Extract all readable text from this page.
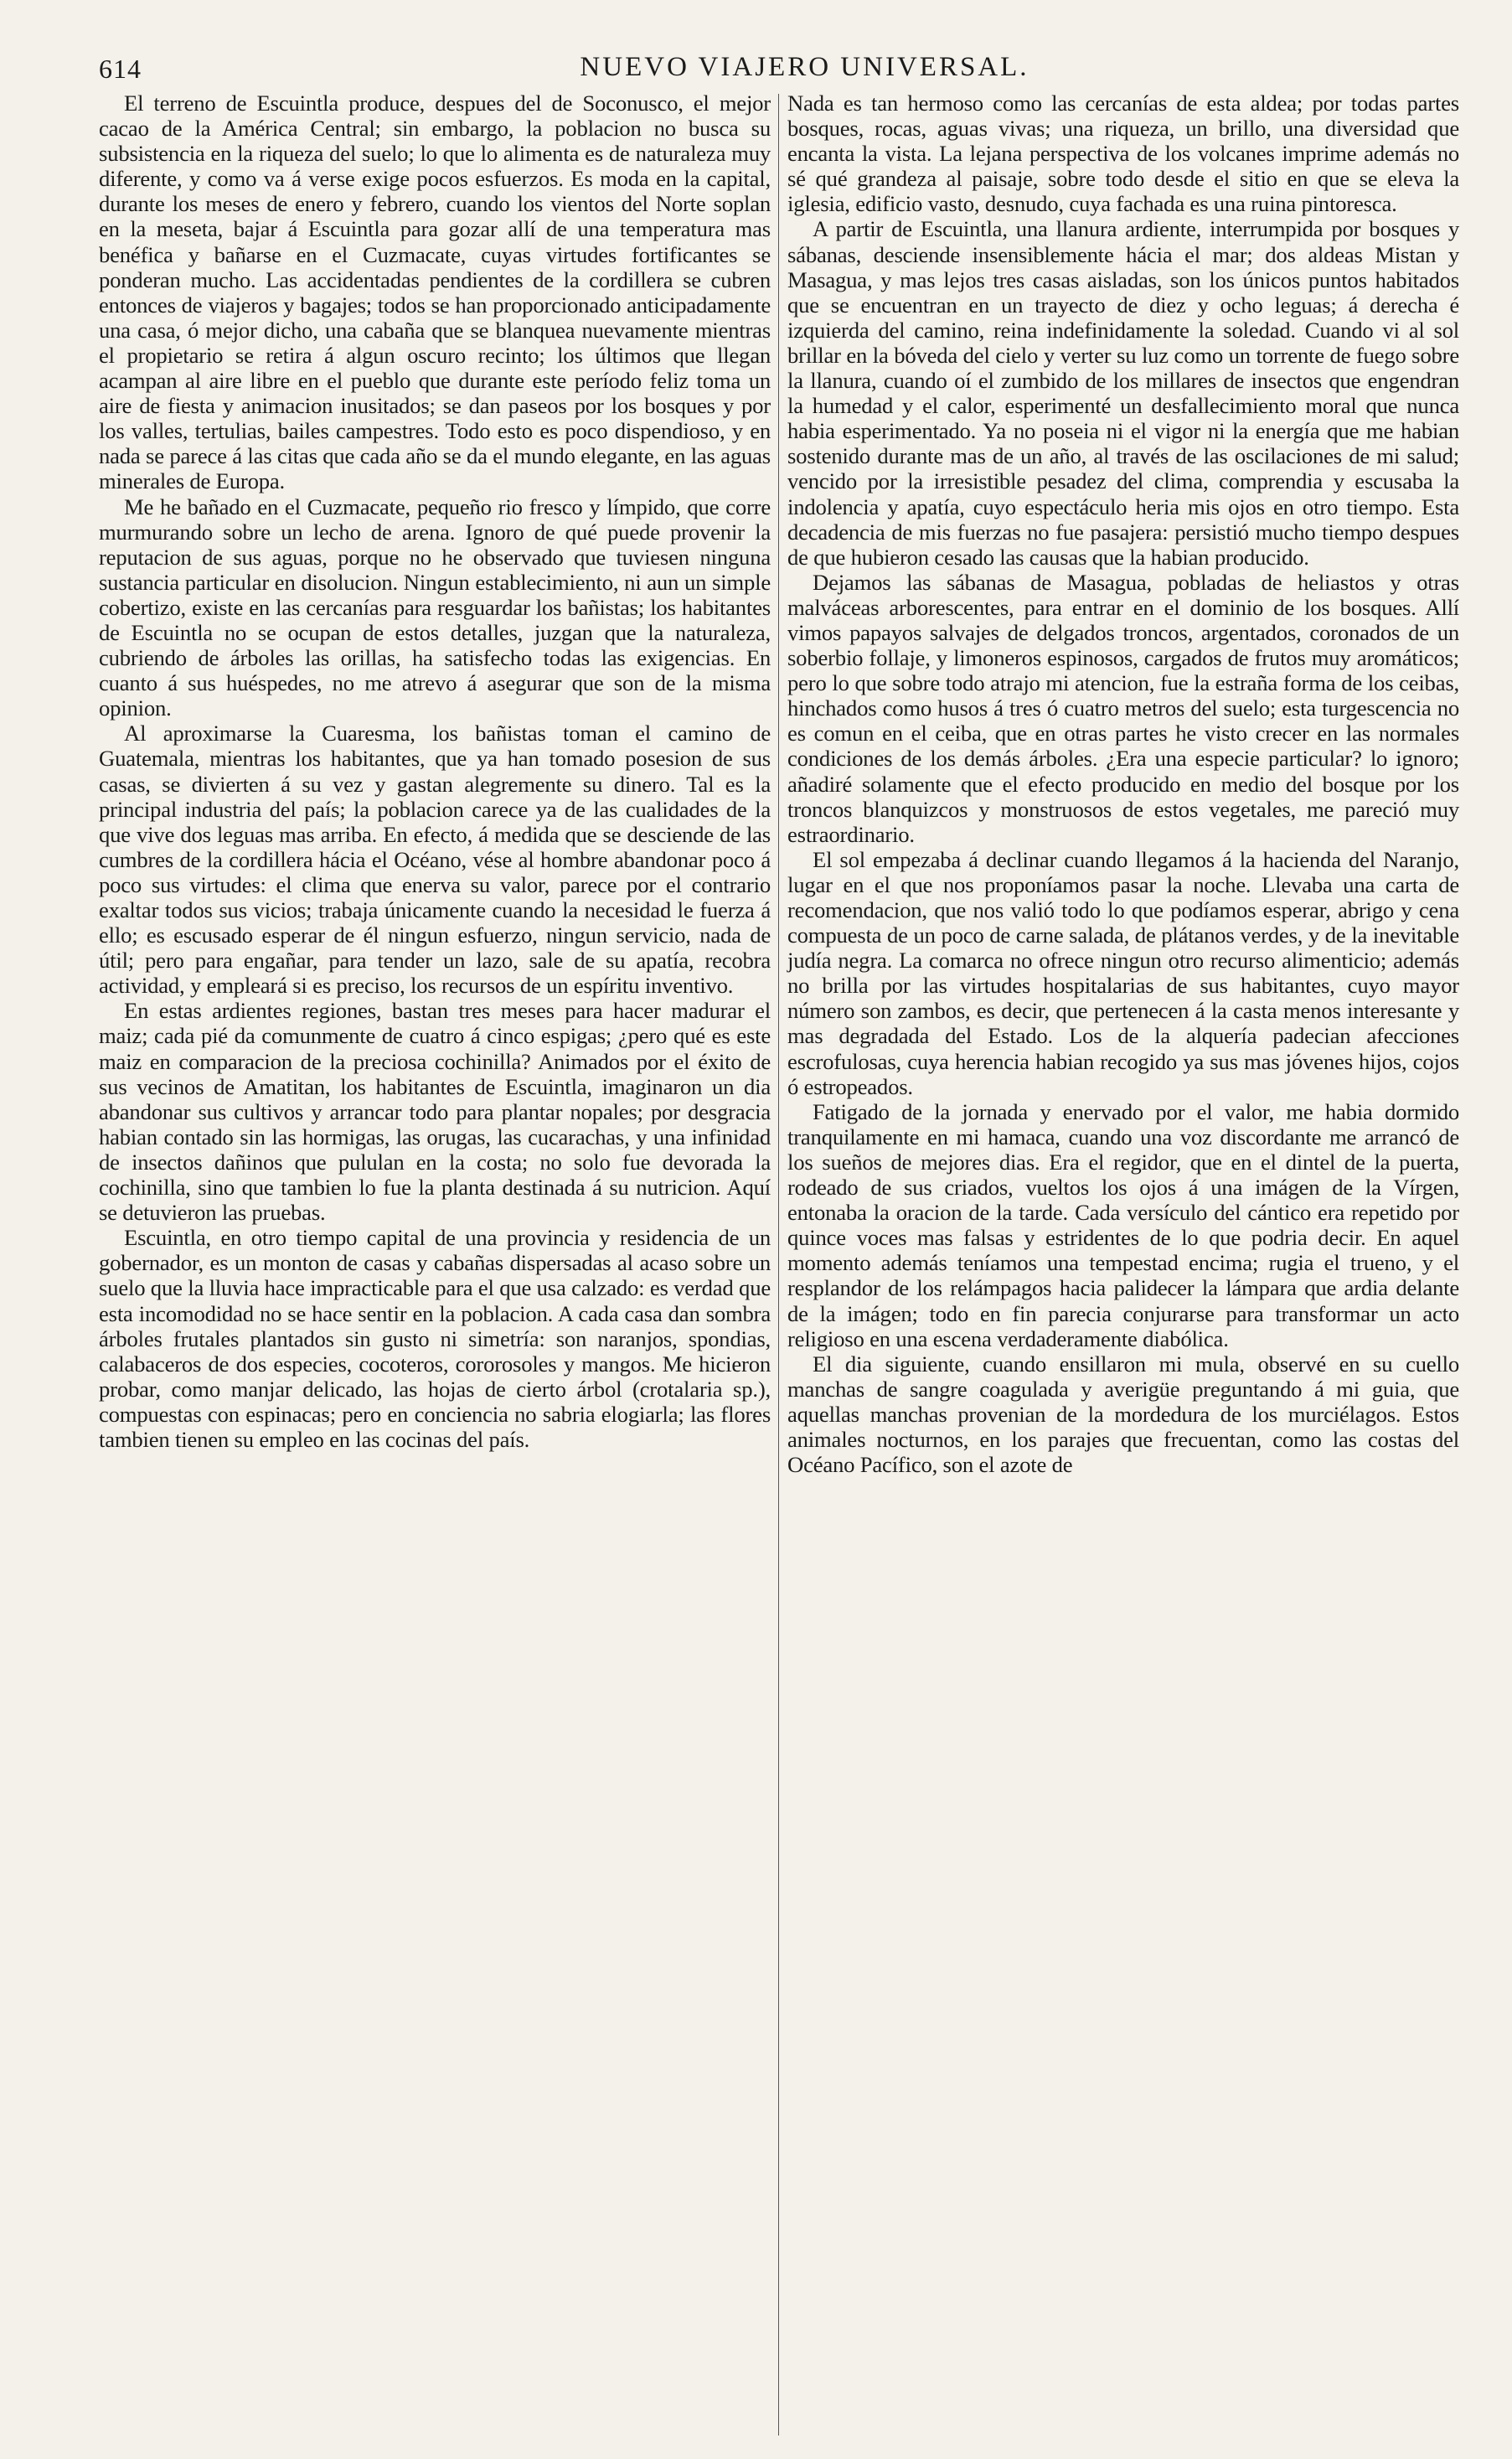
614	NUEVO VIAJERO UNIVERSAL.

El terreno de Escuintla produce, despues del de Soconusco, el mejor cacao de la América Central; sin embargo, la poblacion no busca su subsistencia en la riqueza del suelo; lo que lo alimenta es de naturaleza muy diferente, y como va á verse exige pocos esfuerzos. Es moda en la capital, durante los meses de enero y febrero, cuando los vientos del Norte soplan en la meseta, bajar á Escuintla para gozar allí de una temperatura mas benéfica y bañarse en el Cuzmacate, cuyas virtudes fortificantes se ponderan mucho. Las accidentadas pendientes de la cordillera se cubren entonces de viajeros y bagajes; todos se han proporcionado anticipadamente una casa, ó mejor dicho, una cabaña que se blanquea nuevamente mientras el propietario se retira á algun oscuro recinto; los últimos que llegan acampan al aire libre en el pueblo que durante este período feliz toma un aire de fiesta y animacion inusitados; se dan paseos por los bosques y por los valles, tertulias, bailes campestres. Todo esto es poco dispendioso, y en nada se parece á las citas que cada año se da el mundo elegante, en las aguas minerales de Europa.

Me he bañado en el Cuzmacate, pequeño rio fresco y límpido, que corre murmurando sobre un lecho de arena. Ignoro de qué puede provenir la reputacion de sus aguas, porque no he observado que tuviesen ninguna sustancia particular en disolucion. Ningun establecimiento, ni aun un simple cobertizo, existe en las cercanías para resguardar los bañistas; los habitantes de Escuintla no se ocupan de estos detalles, juzgan que la naturaleza, cubriendo de árboles las orillas, ha satisfecho todas las exigencias. En cuanto á sus huéspedes, no me atrevo á asegurar que son de la misma opinion.

Al aproximarse la Cuaresma, los bañistas toman el camino de Guatemala, mientras los habitantes, que ya han tomado posesion de sus casas, se divierten á su vez y gastan alegremente su dinero. Tal es la principal industria del país; la poblacion carece ya de las cualidades de la que vive dos leguas mas arriba. En efecto, á medida que se desciende de las cumbres de la cordillera hácia el Océano, vése al hombre abandonar poco á poco sus virtudes: el clima que enerva su valor, parece por el contrario exaltar todos sus vicios; trabaja únicamente cuando la necesidad le fuerza á ello; es escusado esperar de él ningun esfuerzo, ningun servicio, nada de útil; pero para engañar, para tender un lazo, sale de su apatía, recobra actividad, y empleará si es preciso, los recursos de un espíritu inventivo.

En estas ardientes regiones, bastan tres meses para hacer madurar el maiz; cada pié da comunmente de cuatro á cinco espigas; ¿pero qué es este maiz en comparacion de la preciosa cochinilla? Animados por el éxito de sus vecinos de Amatitan, los habitantes de Escuintla, imaginaron un dia abandonar sus cultivos y arrancar todo para plantar nopales; por desgracia habian contado sin las hormigas, las orugas, las cucarachas, y una infinidad de insectos dañinos que pululan en la costa; no solo fue devorada la cochinilla, sino que tambien lo fue la planta destinada á su nutricion. Aquí se detuvieron las pruebas.

Escuintla, en otro tiempo capital de una provincia y residencia de un gobernador, es un monton de casas y cabañas dispersadas al acaso sobre un suelo que la lluvia hace impracticable para el que usa calzado: es verdad que esta incomodidad no se hace sentir en la poblacion. A cada casa dan sombra árboles frutales plantados sin gusto ni simetría: son naranjos, spondias, calabaceros de dos especies, cocoteros, cororosoles y mangos. Me hicieron probar, como manjar delicado, las hojas de cierto árbol (crotalaria sp.), compuestas con espinacas; pero en conciencia no sabria elogiarla; las flores tambien tienen su empleo en las cocinas del país.

Nada es tan hermoso como las cercanías de esta aldea; por todas partes bosques, rocas, aguas vivas; una riqueza, un brillo, una diversidad que encanta la vista. La lejana perspectiva de los volcanes imprime además no sé qué grandeza al paisaje, sobre todo desde el sitio en que se eleva la iglesia, edificio vasto, desnudo, cuya fachada es una ruina pintoresca.

A partir de Escuintla, una llanura ardiente, interrumpida por bosques y sábanas, desciende insensiblemente hácia el mar; dos aldeas Mistan y Masagua, y mas lejos tres casas aisladas, son los únicos puntos habitados que se encuentran en un trayecto de diez y ocho leguas; á derecha é izquierda del camino, reina indefinidamente la soledad. Cuando vi al sol brillar en la bóveda del cielo y verter su luz como un torrente de fuego sobre la llanura, cuando oí el zumbido de los millares de insectos que engendran la humedad y el calor, esperimenté un desfallecimiento moral que nunca habia esperimentado. Ya no poseia ni el vigor ni la energía que me habian sostenido durante mas de un año, al través de las oscilaciones de mi salud; vencido por la irresistible pesadez del clima, comprendia y escusaba la indolencia y apatía, cuyo espectáculo heria mis ojos en otro tiempo. Esta decadencia de mis fuerzas no fue pasajera: persistió mucho tiempo despues de que hubieron cesado las causas que la habian producido.

Dejamos las sábanas de Masagua, pobladas de heliastos y otras malváceas arborescentes, para entrar en el dominio de los bosques. Allí vimos papayos salvajes de delgados troncos, argentados, coronados de un soberbio follaje, y limoneros espinosos, cargados de frutos muy aromáticos; pero lo que sobre todo atrajo mi atencion, fue la estraña forma de los ceibas, hinchados como husos á tres ó cuatro metros del suelo; esta turgescencia no es comun en el ceiba, que en otras partes he visto crecer en las normales condiciones de los demás árboles. ¿Era una especie particular? lo ignoro; añadiré solamente que el efecto producido en medio del bosque por los troncos blanquizcos y monstruosos de estos vegetales, me pareció muy estraordinario.

El sol empezaba á declinar cuando llegamos á la hacienda del Naranjo, lugar en el que nos proponíamos pasar la noche. Llevaba una carta de recomendacion, que nos valió todo lo que podíamos esperar, abrigo y cena compuesta de un poco de carne salada, de plátanos verdes, y de la inevitable judía negra. La comarca no ofrece ningun otro recurso alimenticio; además no brilla por las virtudes hospitalarias de sus habitantes, cuyo mayor número son zambos, es decir, que pertenecen á la casta menos interesante y mas degradada del Estado. Los de la alquería padecian afecciones escrofulosas, cuya herencia habian recogido ya sus mas jóvenes hijos, cojos ó estropeados.

Fatigado de la jornada y enervado por el valor, me habia dormido tranquilamente en mi hamaca, cuando una voz discordante me arrancó de los sueños de mejores dias. Era el regidor, que en el dintel de la puerta, rodeado de sus criados, vueltos los ojos á una imágen de la Vírgen, entonaba la oracion de la tarde. Cada versículo del cántico era repetido por quince voces mas falsas y estridentes de lo que podria decir. En aquel momento además teníamos una tempestad encima; rugia el trueno, y el resplandor de los relámpagos hacia palidecer la lámpara que ardia delante de la imágen; todo en fin parecia conjurarse para transformar un acto religioso en una escena verdaderamente diabólica.

El dia siguiente, cuando ensillaron mi mula, observé en su cuello manchas de sangre coagulada y averigüe preguntando á mi guia, que aquellas manchas provenian de la mordedura de los murciélagos. Estos animales nocturnos, en los parajes que frecuentan, como las costas del Océano Pacífico, son el azote de
